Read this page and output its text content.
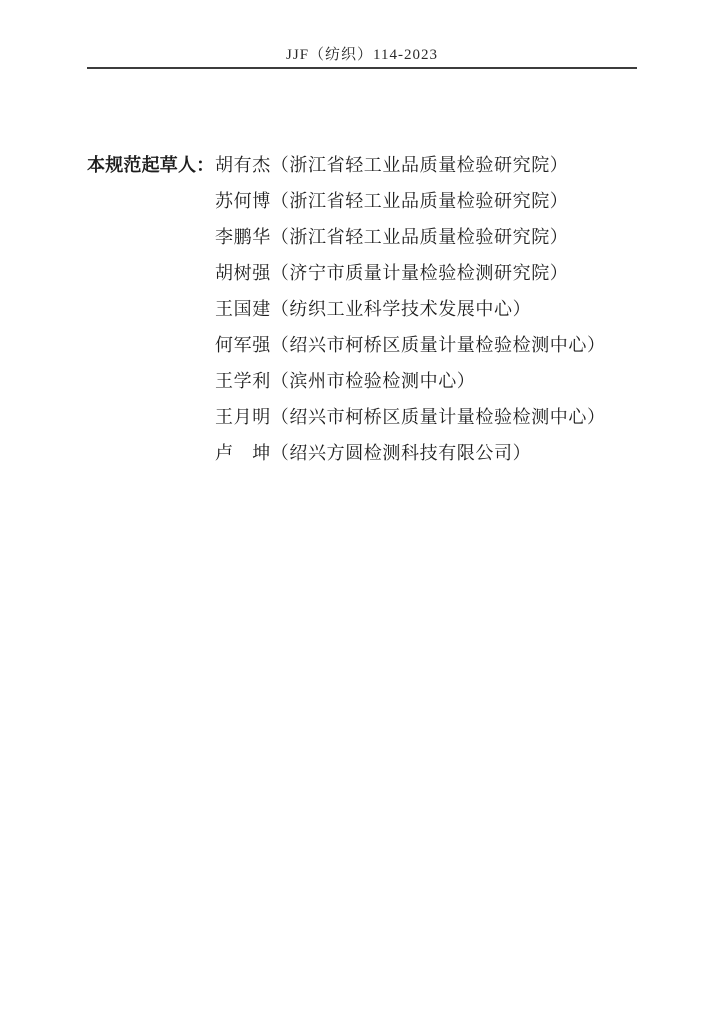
JJF（纺织）114-2023
本规范起草人：胡有杰（浙江省轻工业品质量检验研究院）
苏何博（浙江省轻工业品质量检验研究院）
李鹏华（浙江省轻工业品质量检验研究院）
胡树强（济宁市质量计量检验检测研究院）
王国建（纺织工业科学技术发展中心）
何军强（绍兴市柯桥区质量计量检验检测中心）
王学利（滨州市检验检测中心）
王月明（绍兴市柯桥区质量计量检验检测中心）
卢　坤（绍兴方圆检测科技有限公司）
